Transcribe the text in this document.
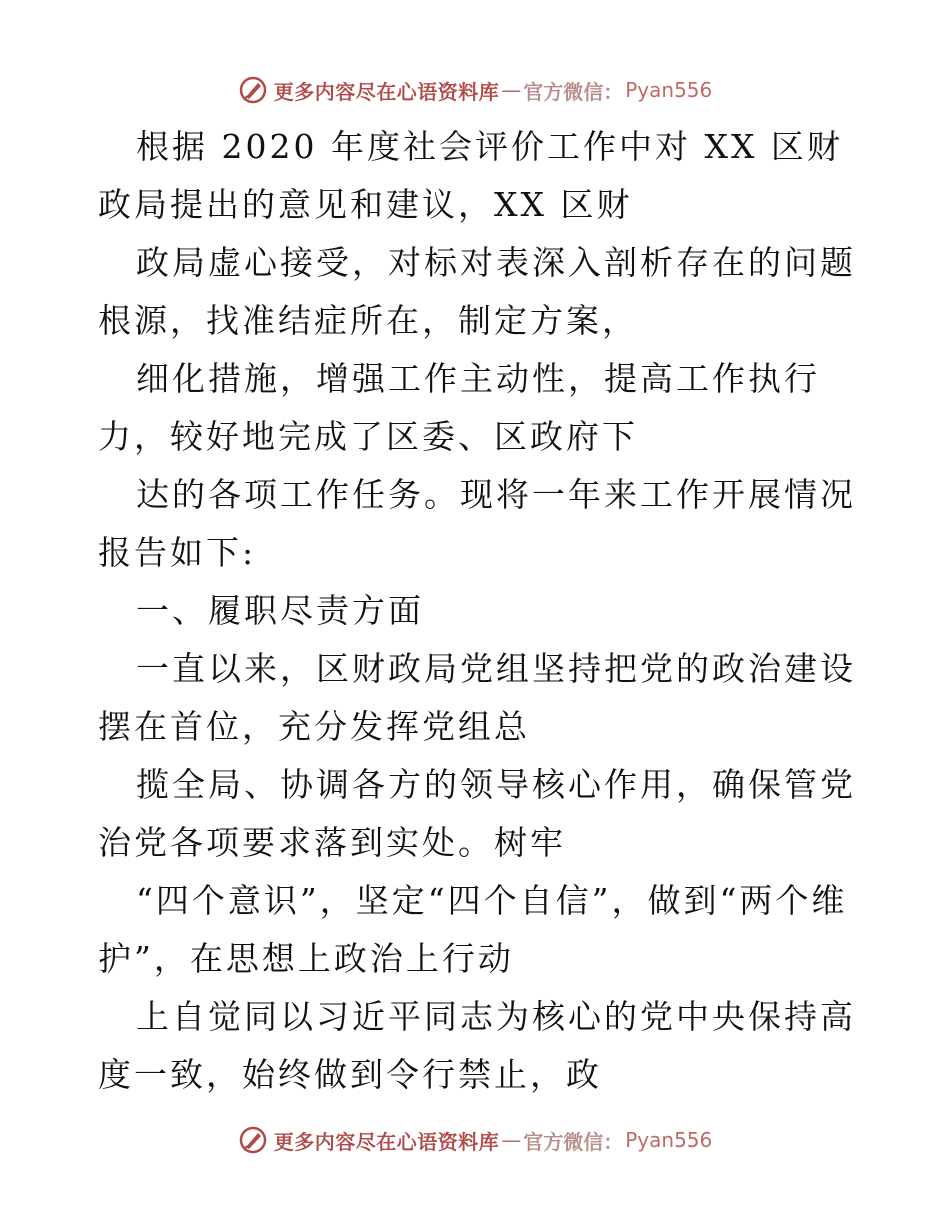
更多内容尽在心语资料库 — 官方微信： Pyan556

根据 2020 年度社会评价工作中对 XX 区财政局提出的意见和建议，XX 区财

政局虚心接受，对标对表深入剖析存在的问题根源，找准结症所在，制定方案，

细化措施，增强工作主动性，提高工作执行力，较好地完成了区委、区政府下

达的各项工作任务。现将一年来工作开展情况报告如下:

一、履职尽责方面

一直以来，区财政局党组坚持把党的政治建设摆在首位，充分发挥党组总

揽全局、协调各方的领导核心作用，确保管党治党各项要求落到实处。树牢

“四个意识”，坚定“四个自信”，做到“两个维护”，在思想上政治上行动

上自觉同以习近平同志为核心的党中央保持高度一致，始终做到令行禁止，政

更多内容尽在心语资料库 — 官方微信： Pyan556
